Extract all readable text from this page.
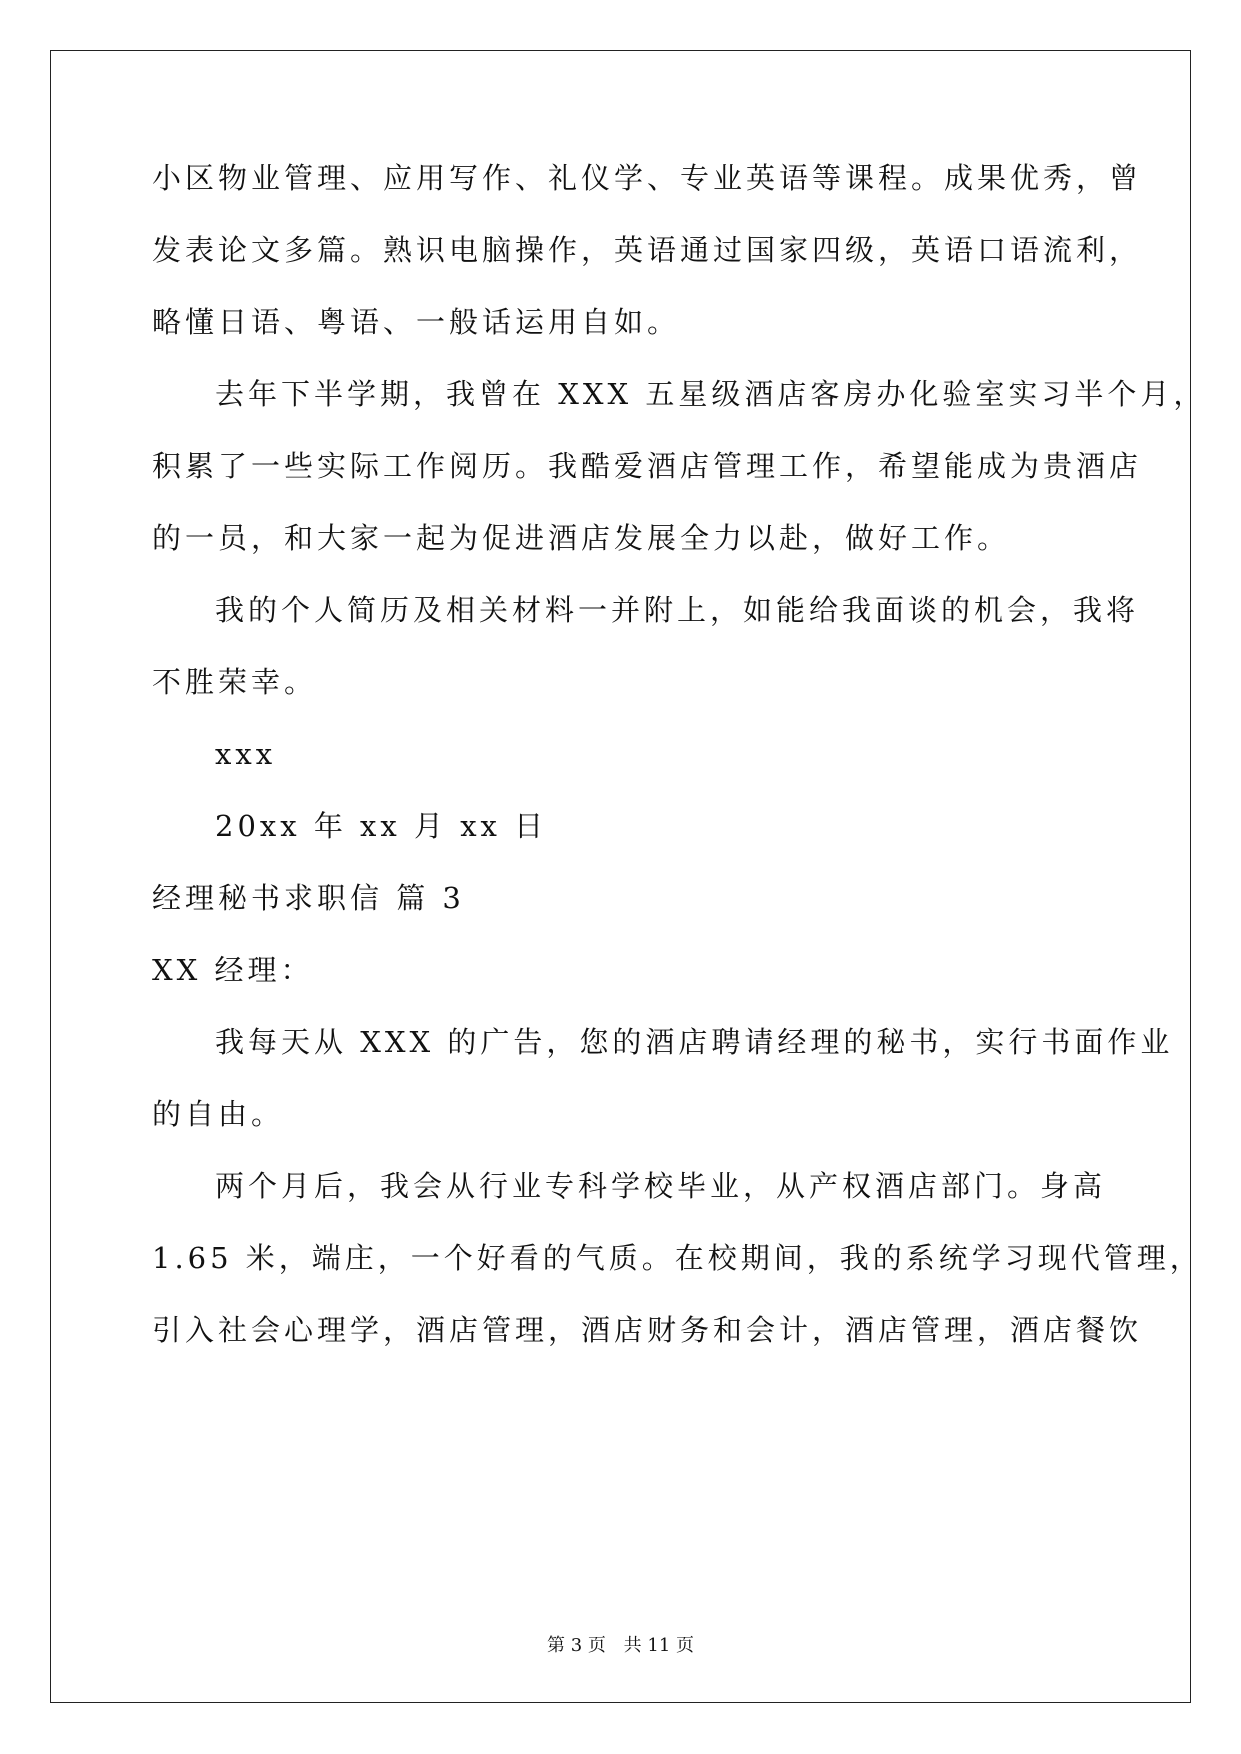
小区物业管理、应用写作、礼仪学、专业英语等课程。成果优秀，曾
发表论文多篇。熟识电脑操作，英语通过国家四级，英语口语流利，
略懂日语、粤语、一般话运用自如。
去年下半学期，我曾在 XXX 五星级酒店客房办化验室实习半个月，
积累了一些实际工作阅历。我酷爱酒店管理工作，希望能成为贵酒店
的一员，和大家一起为促进酒店发展全力以赴，做好工作。
我的个人简历及相关材料一并附上，如能给我面谈的机会，我将
不胜荣幸。
xxx
20xx 年 xx 月 xx 日
经理秘书求职信 篇 3
XX 经理：
我每天从 XXX 的广告，您的酒店聘请经理的秘书，实行书面作业
的自由。
两个月后，我会从行业专科学校毕业，从产权酒店部门。身高
1.65 米，端庄，一个好看的气质。在校期间，我的系统学习现代管理，
引入社会心理学，酒店管理，酒店财务和会计，酒店管理，酒店餐饮
第 3 页 共 11 页
